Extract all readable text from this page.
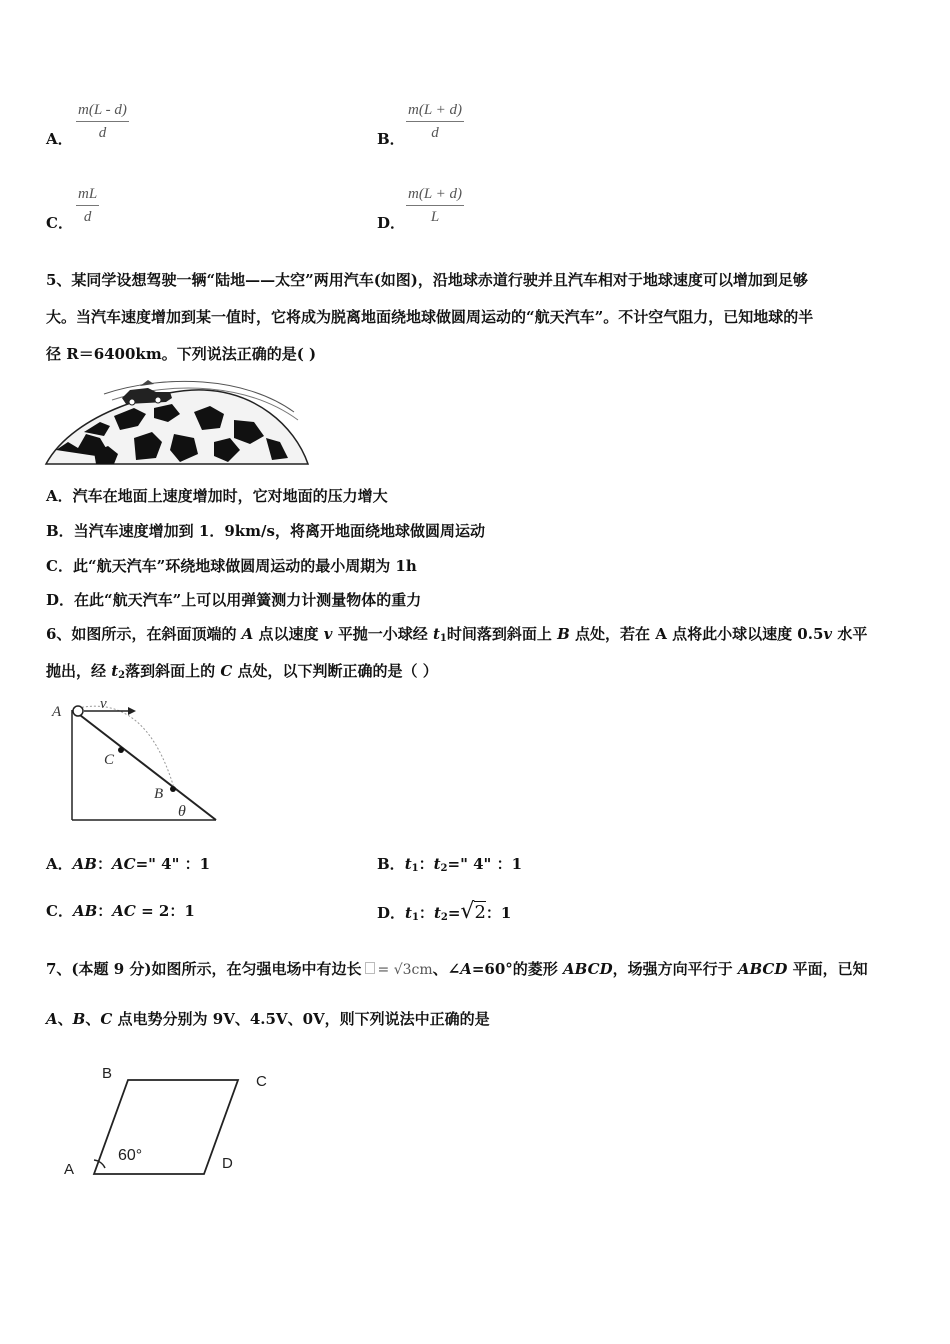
A． $\frac{m(L - d)}{d}$	B． $\frac{m(L + d)}{d}$
C． $\frac{mL}{d}$	D． $\frac{m(L + d)}{L}$
5、某同学设想驾驶一辆“陆地——太空”两用汽车(如图)，沿地球赤道行驶并且汽车相对于地球速度可以增加到足够
大。当汽车速度增加到某一值时，它将成为脱离地面绕地球做圆周运动的“航天汽车”。不计空气阻力，已知地球的半
径 R＝6400km。下列说法正确的是( )
A．汽车在地面上速度增加时，它对地面的压力增大
B．当汽车速度增加到 1．9km/s，将离开地面绕地球做圆周运动
C．此“航天汽车”环绕地球做圆周运动的最小周期为 1h
D．在此“航天汽车”上可以用弹簧测力计测量物体的重力
6、如图所示，在斜面顶端的 A 点以速度 v 平抛一小球经 $t_1$时间落到斜面上 B 点处，若在 A 点将此小球以速度 0.5v 水平
抛出，经 $t_2$落到斜面上的 C 点处，以下判断正确的是（ ）
A	v
C
B
θ
A．AB：AC=" 4" ：1	B．$t_1$：$t_2=$" 4" ：1
C．AB：AC = 2：1	D．$t_1$：$t_2=√2$：1
7、(本题 9 分)如图所示，在匀强电场中有边长 = √3cm、∠A=60°的菱形 ABCD，场强方向平行于 ABCD 平面，已知
A、B、C 点电势分别为 9V、4.5V、0V，则下列说法中正确的是
B	C
A	D
60°
